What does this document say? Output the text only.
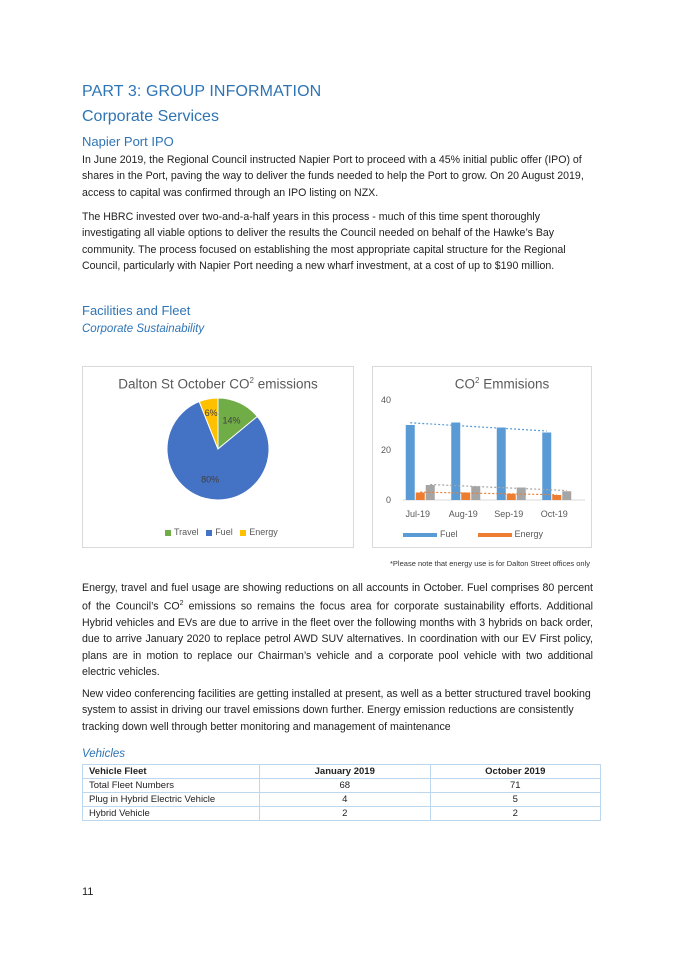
PART 3: GROUP INFORMATION
Corporate Services
Napier Port IPO

In June 2019, the Regional Council instructed Napier Port to proceed with a 45% initial public offer (IPO) of shares in the Port, paving the way to deliver the funds needed to help the Port to grow. On 20 August 2019, access to capital was confirmed through an IPO listing on NZX.

The HBRC invested over two-and-a-half years in this process - much of this time spent thoroughly investigating all viable options to deliver the results the Council needed on behalf of the Hawke’s Bay community. The process focused on establishing the most appropriate capital structure for the Regional Council, particularly with Napier Port needing a new wharf investment, at a cost of up to $190 million.

Facilities and Fleet
Corporate Sustainability
Dalton St October $CO^2$ emissions
14%
80%
6%
Travel Fuel Energy
$CO^2$ Emmisions
0
20
40
Jul-19 Aug-19 Sep-19 Oct-19
Fuel	Energy
*Please note that energy use is for Dalton Street offices only

Energy, travel and fuel usage are showing reductions on all accounts in October. Fuel comprises 80 percent of the Council’s $CO^2$ emissions so remains the focus area for corporate sustainability efforts. Additional Hybrid vehicles and EVs are due to arrive in the fleet over the following months with 3 hybrids on back order, due to arrive January 2020 to replace petrol AWD SUV alternatives. In coordination with our EV First policy, plans are in motion to replace our Chairman’s vehicle and a corporate pool vehicle with two additional electric vehicles.

New video conferencing facilities are getting installed at present, as well as a better structured travel booking system to assist in driving our travel emissions down further. Energy emission reductions are consistently tracking down well through better monitoring and management of maintenance

Vehicles
Vehicle Fleet	January 2019	October 2019
Total Fleet Numbers	68	71
Plug in Hybrid Electric Vehicle	4	5
Hybrid Vehicle	2	2
11
